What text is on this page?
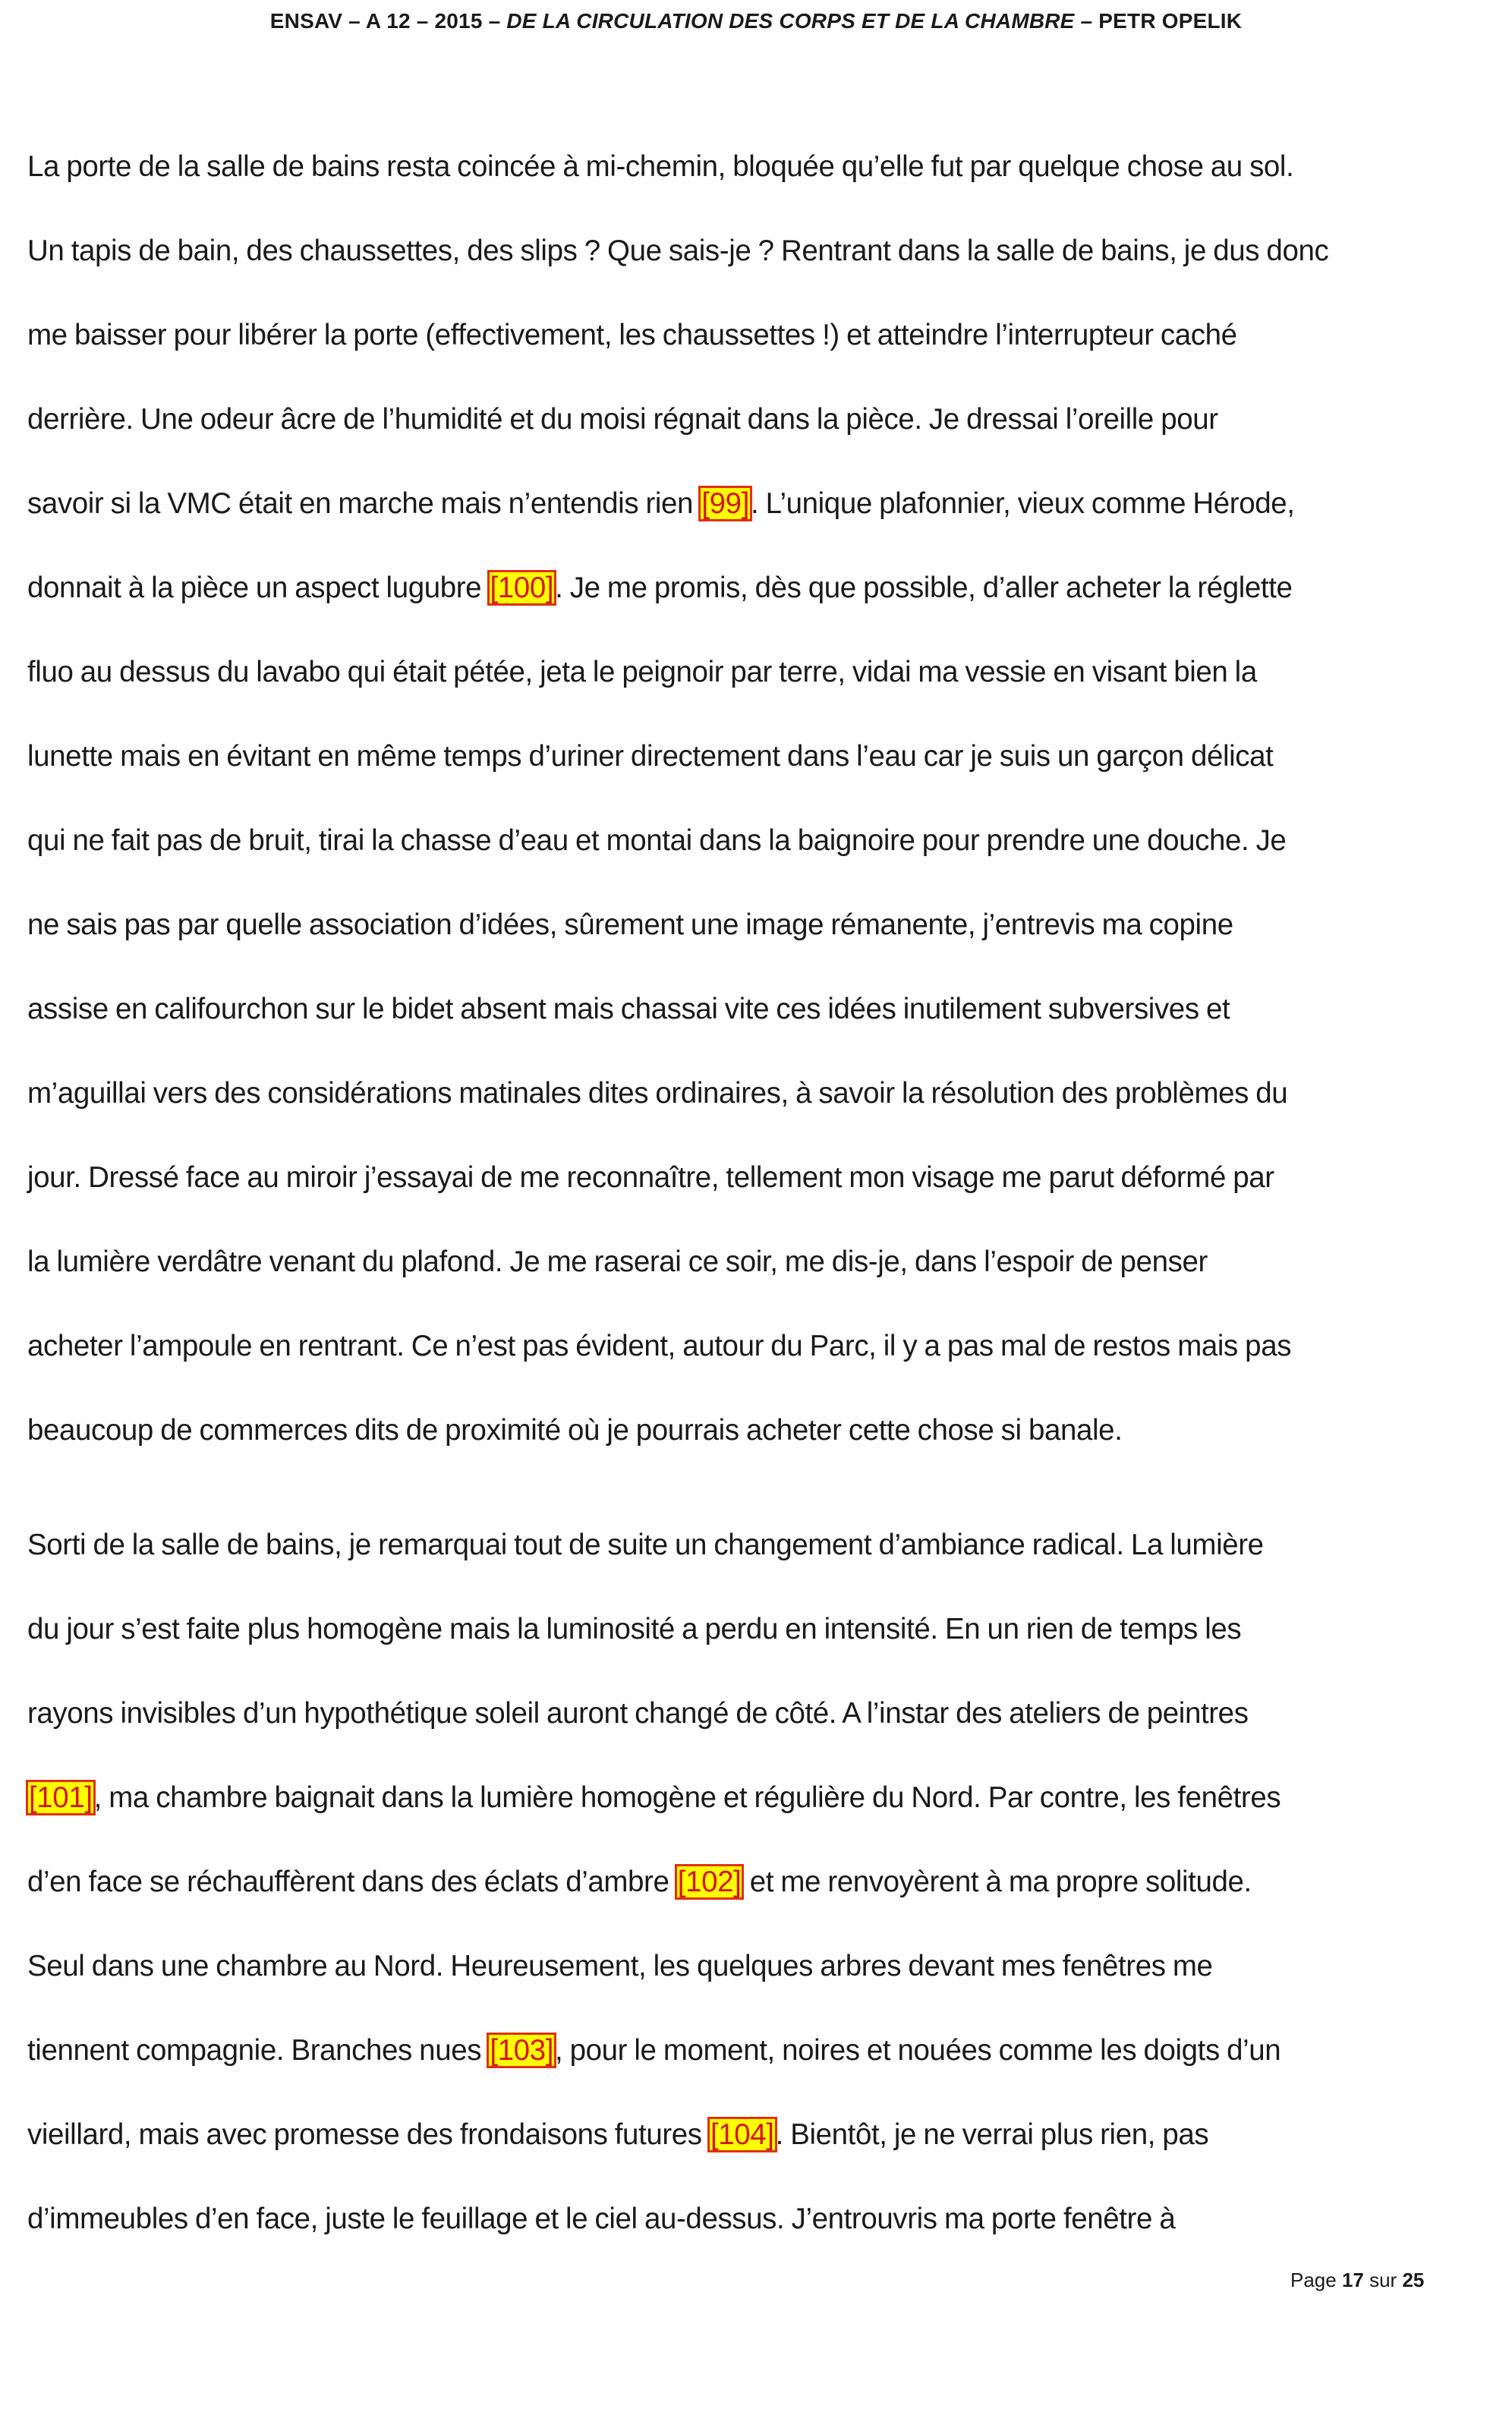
ENSAV – A 12 – 2015 – DE LA CIRCULATION DES CORPS ET DE LA CHAMBRE – PETR OPELIK
La porte de la salle de bains resta coincée à mi-chemin, bloquée qu’elle fut par quelque chose au sol.
Un tapis de bain, des chaussettes, des slips ? Que sais-je ? Rentrant dans la salle de bains, je dus donc
me baisser pour libérer la porte (effectivement, les chaussettes !) et atteindre l’interrupteur caché
derrière. Une odeur âcre de l’humidité et du moisi régnait dans la pièce. Je dressai l’oreille pour
savoir si la VMC était en marche mais n’entendis rien [99]. L’unique plafonnier, vieux comme Hérode,
donnait à la pièce un aspect lugubre [100]. Je me promis, dès que possible, d’aller acheter la réglette
fluo au dessus du lavabo qui était pétée, jeta le peignoir par terre, vidai ma vessie en visant bien la
lunette mais en évitant en même temps d’uriner directement dans l’eau car je suis un garçon délicat
qui ne fait pas de bruit, tirai la chasse d’eau et montai dans la baignoire pour prendre une douche. Je
ne sais pas par quelle association d’idées, sûrement une image rémanente, j’entrevis ma copine
assise en califourchon sur le bidet absent mais chassai vite ces idées inutilement subversives et
m’aguillai vers des considérations matinales dites ordinaires, à savoir la résolution des problèmes du
jour. Dressé face au miroir j’essayai de me reconnaître, tellement mon visage me parut déformé par
la lumière verdâtre venant du plafond. Je me raserai ce soir, me dis-je, dans l’espoir de penser
acheter l’ampoule en rentrant. Ce n’est pas évident, autour du Parc, il y a pas mal de restos mais pas
beaucoup de commerces dits de proximité où je pourrais acheter cette chose si banale.
Sorti de la salle de bains, je remarquai tout de suite un changement d’ambiance radical. La lumière
du jour s’est faite plus homogène mais la luminosité a perdu en intensité. En un rien de temps les
rayons invisibles d’un hypothétique soleil auront changé de côté. A l’instar des ateliers de peintres
[101], ma chambre baignait dans la lumière homogène et régulière du Nord. Par contre, les fenêtres
d’en face se réchauffèrent dans des éclats d’ambre [102] et me renvoyèrent à ma propre solitude.
Seul dans une chambre au Nord. Heureusement, les quelques arbres devant mes fenêtres me
tiennent compagnie. Branches nues [103], pour le moment, noires et nouées comme les doigts d’un
vieillard, mais avec promesse des frondaisons futures [104]. Bientôt, je ne verrai plus rien, pas
d’immeubles d’en face, juste le feuillage et le ciel au-dessus. J’entrouvris ma porte fenêtre à
Page 17 sur 25
